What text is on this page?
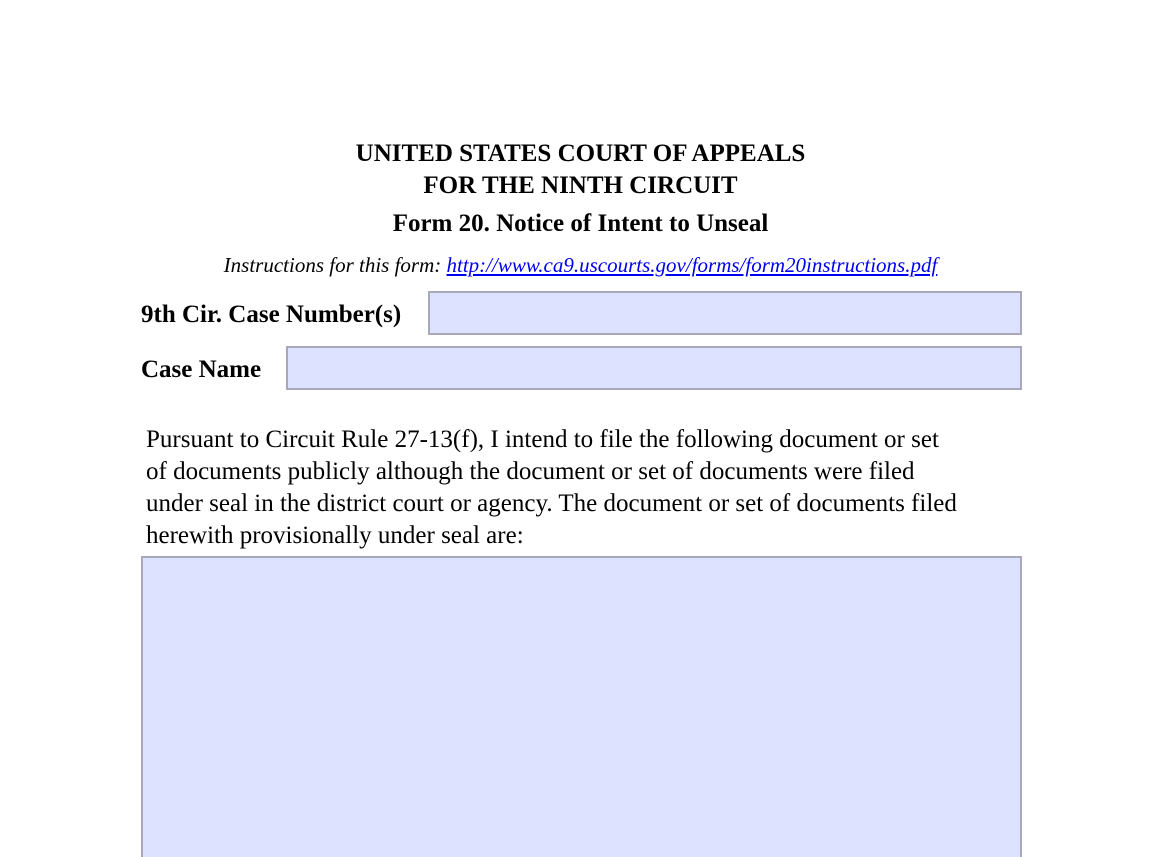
UNITED STATES COURT OF APPEALS
FOR THE NINTH CIRCUIT
Form 20. Notice of Intent to Unseal
Instructions for this form: http://www.ca9.uscourts.gov/forms/form20instructions.pdf
9th Cir. Case Number(s)
Case Name

Pursuant to Circuit Rule 27-13(f), I intend to file the following document or set
of documents publicly although the document or set of documents were filed
under seal in the district court or agency. The document or set of documents filed
herewith provisionally under seal are:
